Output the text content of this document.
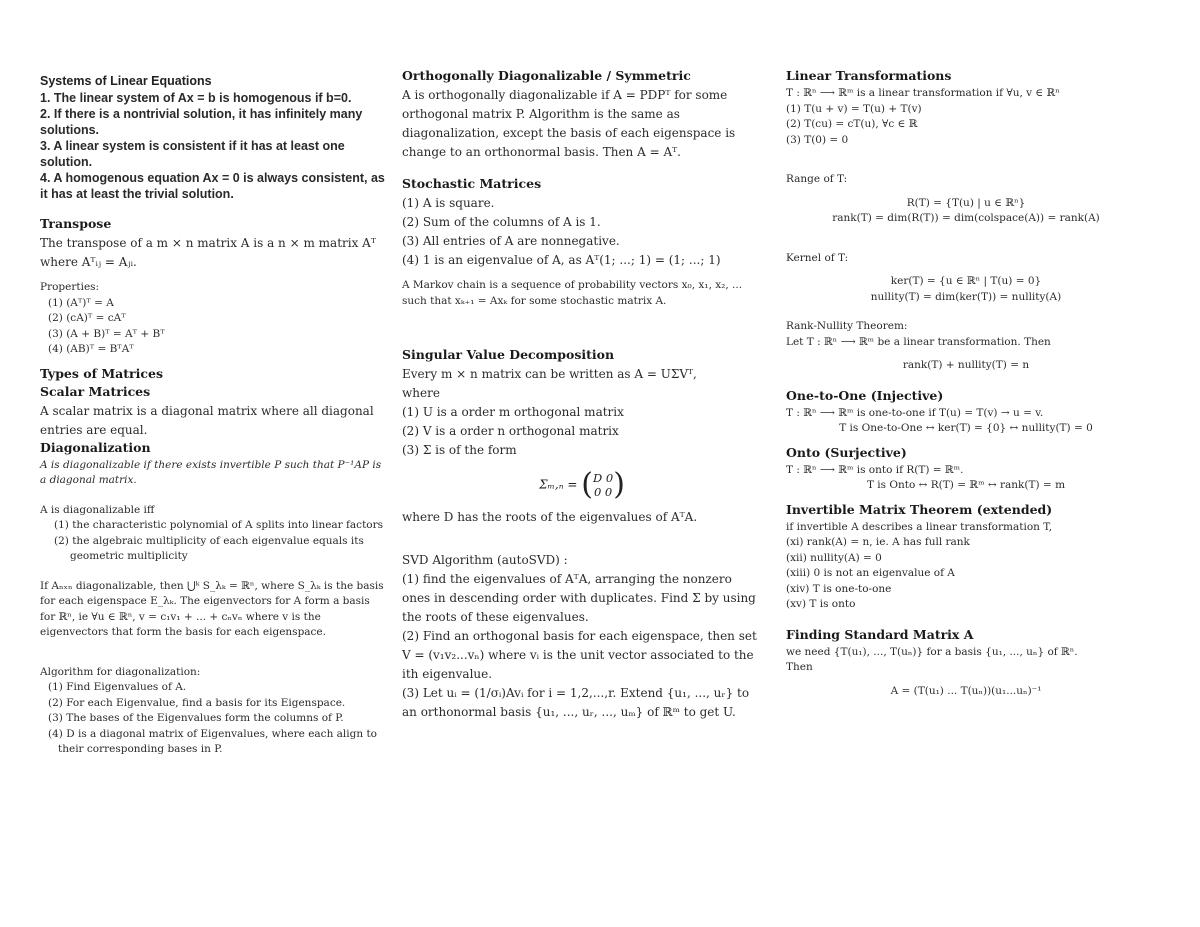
Systems of Linear Equations

1. The linear system of Ax = b is homogenous if b=0.

2. If there is a nontrivial solution, it has infinitely many solutions.

3. A linear system is consistent if it has at least one solution.

4. A homogenous equation Ax = 0 is always consistent, as it has at least the trivial solution.

Transpose

The transpose of a m × n matrix A is a n × m matrix Aᵀ where Aᵀᵢⱼ = Aⱼᵢ.

Properties:

(1) (Aᵀ)ᵀ = A
(2) (cA)ᵀ = cAᵀ
(3) (A + B)ᵀ = Aᵀ + Bᵀ
(4) (AB)ᵀ = BᵀAᵀ
Types of Matrices
Scalar Matrices

A scalar matrix is a diagonal matrix where all diagonal entries are equal.

Diagonalization

A is diagonalizable if there exists invertible P such that P⁻¹AP is a diagonal matrix.

A is diagonalizable iff

(1) the characteristic polynomial of A splits into linear factors
(2) the algebraic multiplicity of each eigenvalue equals its geometric multiplicity

If Aₙₓₙ diagonalizable, then ⋃ᵏ S_λₖ = ℝⁿ, where S_λₖ is the basis for each eigenspace E_λₖ. The eigenvectors for A form a basis for ℝⁿ, ie ∀u ∈ ℝⁿ, v = c₁v₁ + ... + cₙvₙ where v is the eigenvectors that form the basis for each eigenspace.

Algorithm for diagonalization:

(1) Find Eigenvalues of A.
(2) For each Eigenvalue, find a basis for its Eigenspace.
(3) The bases of the Eigenvalues form the columns of P.
(4) D is a diagonal matrix of Eigenvalues, where each align to their corresponding bases in P.
Orthogonally Diagonalizable / Symmetric

A is orthogonally diagonalizable if A = PDPᵀ for some orthogonal matrix P. Algorithm is the same as diagonalization, except the basis of each eigenspace is change to an orthonormal basis. Then A = Aᵀ.

Stochastic Matrices
(1) A is square.
(2) Sum of the columns of A is 1.
(3) All entries of A are nonnegative.
(4) 1 is an eigenvalue of A, as Aᵀ(1; ...; 1) = (1; ...; 1)

A Markov chain is a sequence of probability vectors x₀, x₁, x₂, ... such that xₖ₊₁ = Axₖ for some stochastic matrix A.

Singular Value Decomposition

Every m × n matrix can be written as A = UΣVᵀ,

where

(1) U is a order m orthogonal matrix
(2) V is a order n orthogonal matrix
(3) Σ is of the form
Σₘ,ₙ = (D 0
0 0)

where D has the roots of the eigenvalues of AᵀA.

SVD Algorithm (autoSVD) :

(1) find the eigenvalues of AᵀA, arranging the nonzero ones in descending order with duplicates. Find Σ by using the roots of these eigenvalues.
(2) Find an orthogonal basis for each eigenspace, then set V = (v₁v₂...vₙ) where vᵢ is the unit vector associated to the ith eigenvalue.
(3) Let uᵢ = (1/σᵢ)Avᵢ for i = 1,2,...,r. Extend {u₁, ..., uᵣ} to an orthonormal basis {u₁, ..., uᵣ, ..., uₘ} of ℝᵐ to get U.
Linear Transformations

T : ℝⁿ ⟶ ℝᵐ is a linear transformation if ∀u, v ∈ ℝⁿ

(1) T(u + v) = T(u) + T(v)
(2) T(cu) = cT(u), ∀c ∈ ℝ
(3) T(0) = 0

Range of T:

R(T) = {T(u) | u ∈ ℝⁿ}

rank(T) = dim(R(T)) = dim(colspace(A)) = rank(A)

Kernel of T:

ker(T) = {u ∈ ℝⁿ | T(u) = 0}

nullity(T) = dim(ker(T)) = nullity(A)

Rank-Nullity Theorem:

Let T : ℝⁿ ⟶ ℝᵐ be a linear transformation. Then

rank(T) + nullity(T) = n

One-to-One (Injective)

T : ℝⁿ ⟶ ℝᵐ is one-to-one if T(u) = T(v) → u = v.

T is One-to-One ↔ ker(T) = {0} ↔ nullity(T) = 0

Onto (Surjective)

T : ℝⁿ ⟶ ℝᵐ is onto if R(T) = ℝᵐ.

T is Onto ↔ R(T) = ℝᵐ ↔ rank(T) = m

Invertible Matrix Theorem (extended)

if invertible A describes a linear transformation T,

(xi) rank(A) = n, ie. A has full rank
(xii) nullity(A) = 0
(xiii) 0 is not an eigenvalue of A
(xiv) T is one-to-one
(xv) T is onto
Finding Standard Matrix A

we need {T(u₁), ..., T(uₙ)} for a basis {u₁, ..., uₙ} of ℝⁿ.

Then

A = (T(u₁) ... T(uₙ))(u₁...uₙ)⁻¹
